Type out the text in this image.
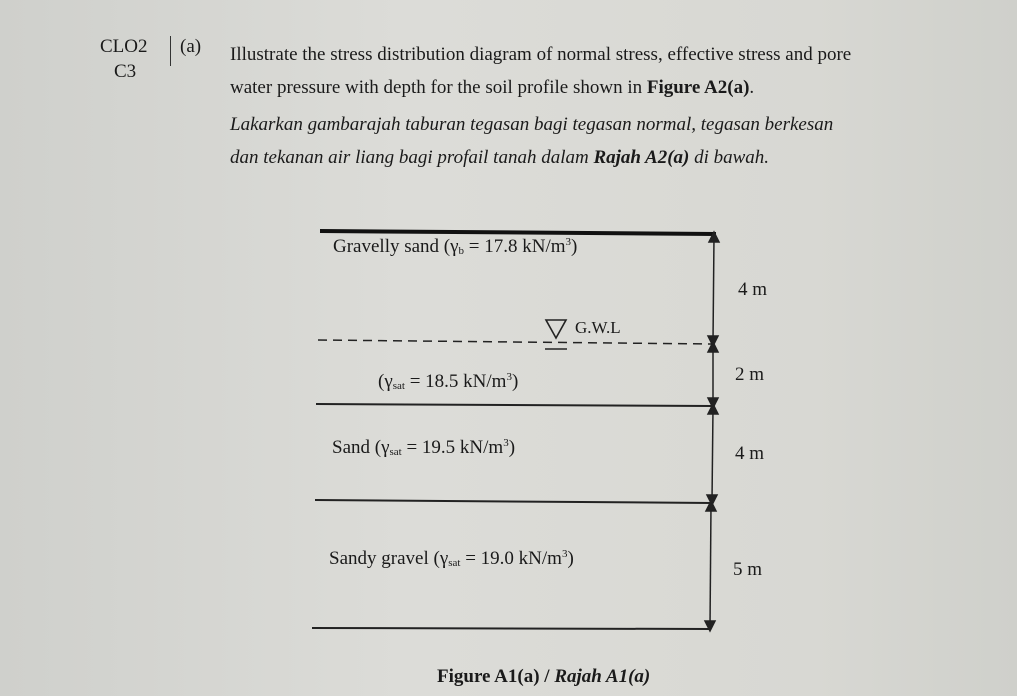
CLO2
C3
(a) Illustrate the stress distribution diagram of normal stress, effective stress and pore
water pressure with depth for the soil profile shown in Figure A2(a).
Lakarkan gambarajah taburan tegasan bagi tegasan normal, tegasan berkesan
dan tekanan air liang bagi profail tanah dalam Rajah A2(a) di bawah.
Gravelly sand ($\gamma_b = 17.8$ $kN/m^3$)
G.W.L
($\gamma_{sat} = 18.5$ $kN/m^3$)
Sand ($\gamma_{sat} = 19.5$ $kN/m^3$)
Sandy gravel ($\gamma_{sat} = 19.0$ $kN/m^3$)
4 m
2 m
4 m
5 m
Figure A1(a) / Rajah A1(a)
